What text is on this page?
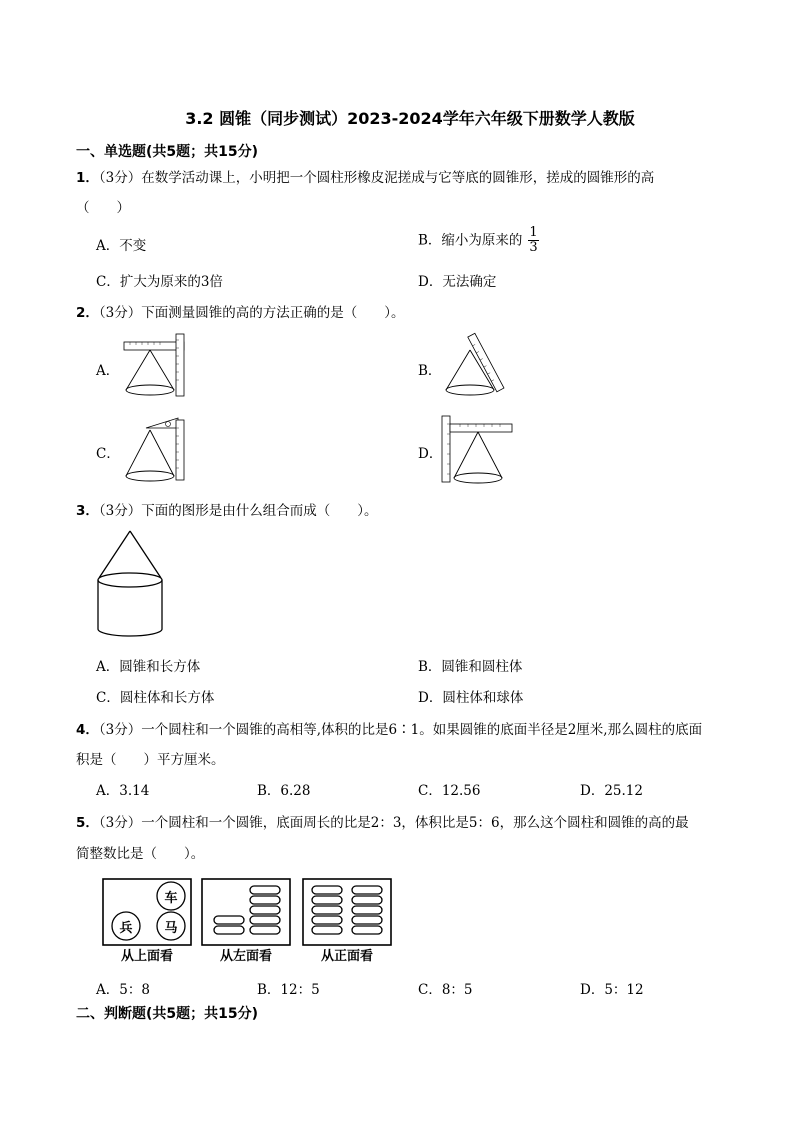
3.2 圆锥（同步测试）2023-2024学年六年级下册数学人教版
一、单选题(共5题；共15分)
1．（3分）在数学活动课上，小明把一个圆柱形橡皮泥搓成与它等底的圆锥形，搓成的圆锥形的高
（　　）
A．不变	B．缩小为原来的 $\frac{1}{3}$
C．扩大为原来的3倍	D．无法确定
2．（3分）下面测量圆锥的高的方法正确的是（　　）。
A．	B．
C．	D．
3．（3分）下面的图形是由什么组合而成（　　）。
A．圆锥和长方体	B．圆锥和圆柱体
C．圆柱体和长方体	D．圆柱体和球体
4．（3分）一个圆柱和一个圆锥的高相等,体积的比是6∶1。如果圆锥的底面半径是2厘米,那么圆柱的底面
积是（　　）平方厘米。
A．3.14	B．6.28	C．12.56	D．25.12
5．（3分）一个圆柱和一个圆锥，底面周长的比是2：3，体积比是5：6，那么这个圆柱和圆锥的高的最
简整数比是（　　）。
车
兵 马
从上面看	从左面看	从正面看
A．5：8	B．12：5	C．8：5	D．5：12
二、判断题(共5题；共15分)
